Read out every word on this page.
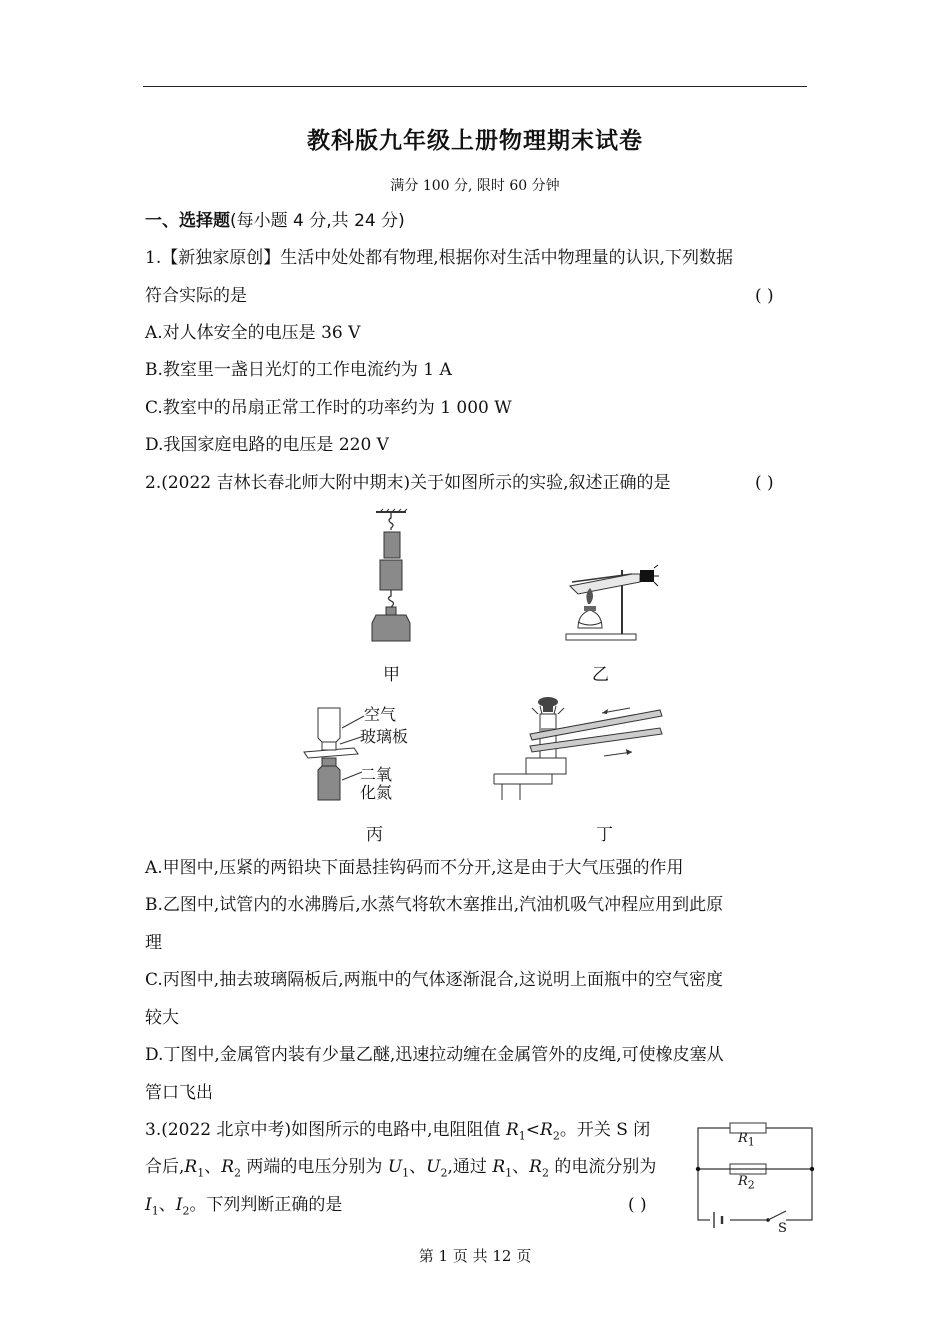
教科版九年级上册物理期末试卷
满分 100 分, 限时 60 分钟
一、选择题(每小题 4 分,共 24 分)
1.【新独家原创】生活中处处都有物理,根据你对生活中物理量的认识,下列数据
符合实际的是	( )
A.对人体安全的电压是 36 V
B.教室里一盏日光灯的工作电流约为 1 A
C.教室中的吊扇正常工作时的功率约为 1 000 W
D.我国家庭电路的电压是 220 V
2.(2022 吉林长春北师大附中期末)关于如图所示的实验,叙述正确的是	( )
甲	乙
空气
玻璃板
二氧
化氮
丙	丁
A.甲图中,压紧的两铅块下面悬挂钩码而不分开,这是由于大气压强的作用
B.乙图中,试管内的水沸腾后,水蒸气将软木塞推出,汽油机吸气冲程应用到此原
理
C.丙图中,抽去玻璃隔板后,两瓶中的气体逐渐混合,这说明上面瓶中的空气密度
较大
D.丁图中,金属管内装有少量乙醚,迅速拉动缠在金属管外的皮绳,可使橡皮塞从
管口飞出
3.(2022 北京中考)如图所示的电路中,电阻阻值 $R_1<R_2$。开关 S 闭
合后$,R_1$、$R_2$ 两端的电压分别为 $U_1$、$U_2$,通过 $R_1$、$R_2$ 的电流分别为
$I_1$、$I_2$。下列判断正确的是	( )
$R_1$
$R_2$
S
第 1 页 共 12 页
